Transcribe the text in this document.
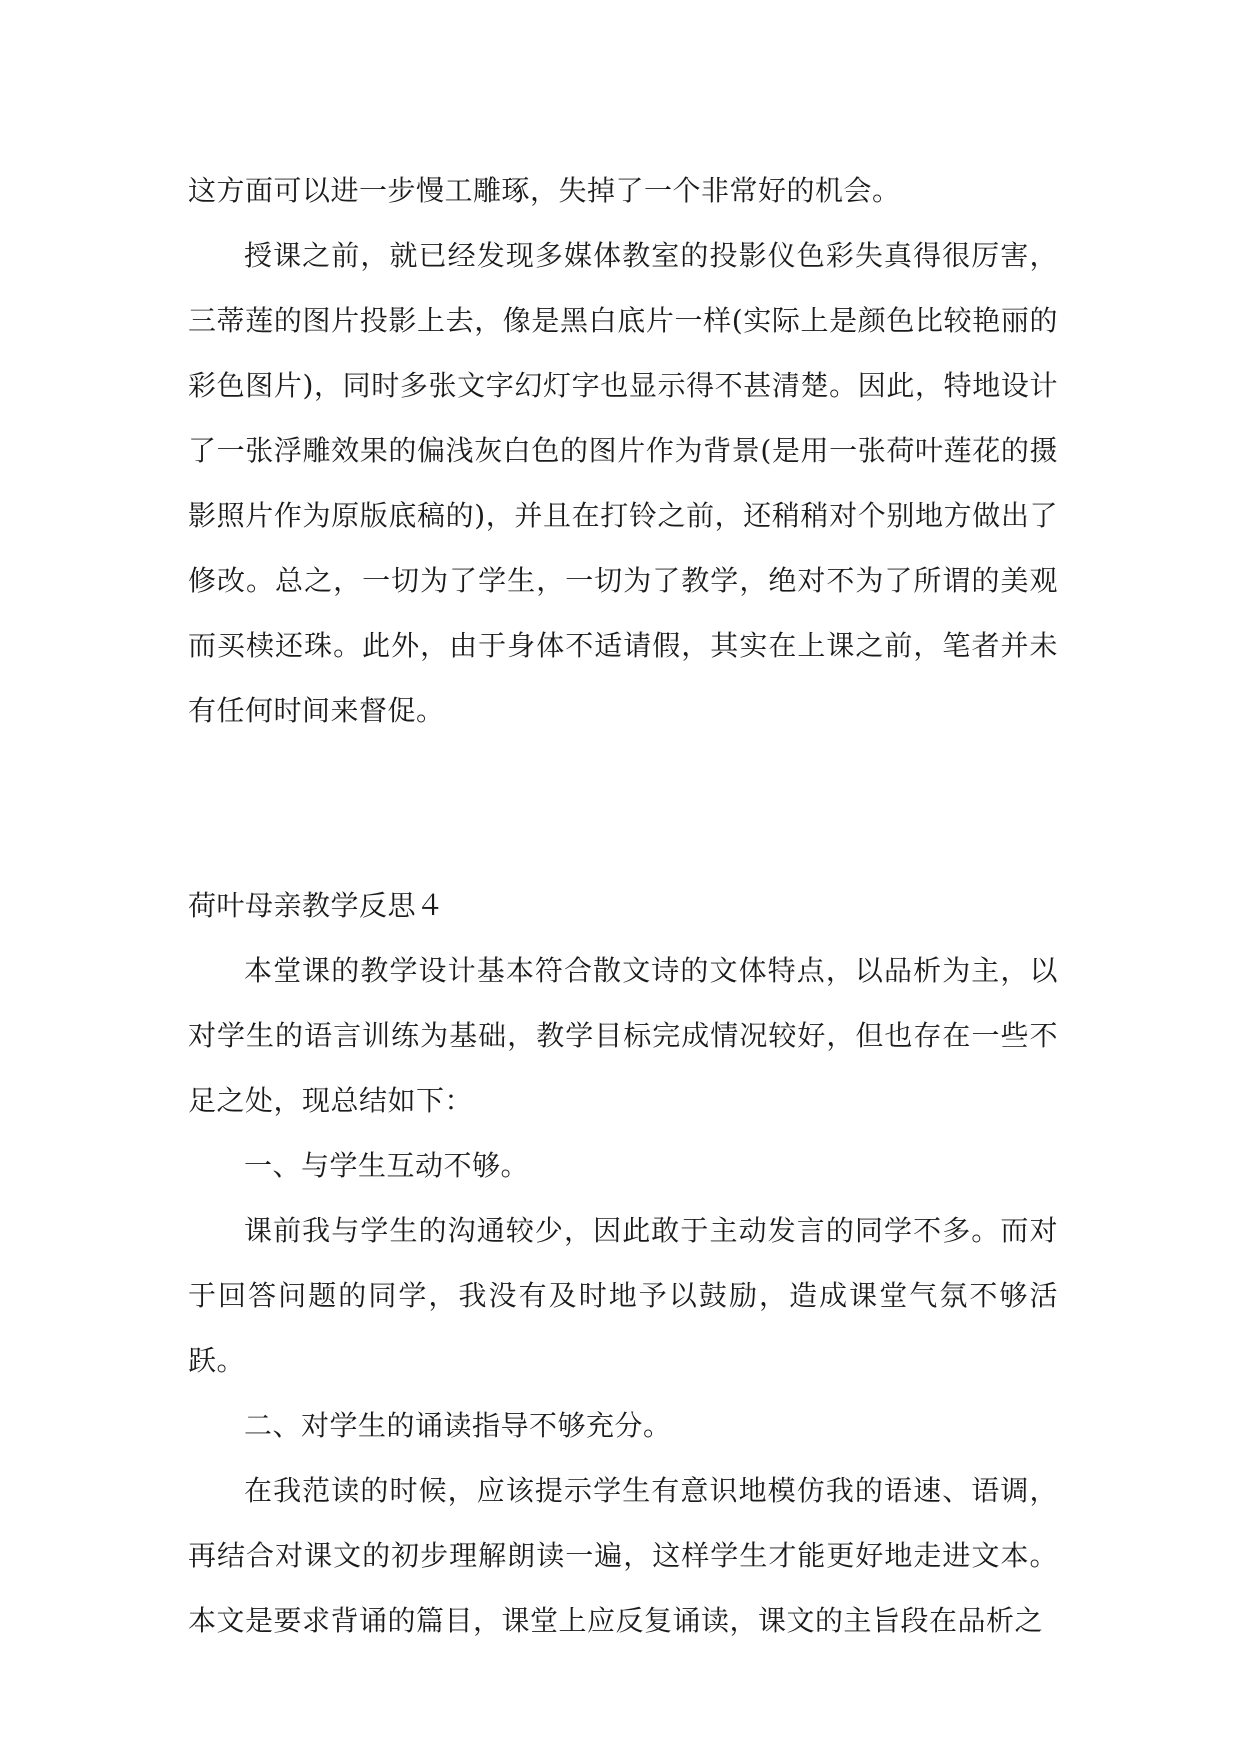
这方面可以进一步慢工雕琢，失掉了一个非常好的机会。

授课之前，就已经发现多媒体教室的投影仪色彩失真得很厉害，三蒂莲的图片投影上去，像是黑白底片一样(实际上是颜色比较艳丽的彩色图片)，同时多张文字幻灯字也显示得不甚清楚。因此，特地设计了一张浮雕效果的偏浅灰白色的图片作为背景(是用一张荷叶莲花的摄影照片作为原版底稿的)，并且在打铃之前，还稍稍对个别地方做出了修改。总之，一切为了学生，一切为了教学，绝对不为了所谓的美观而买椟还珠。此外，由于身体不适请假，其实在上课之前，笔者并未有任何时间来督促。

荷叶母亲教学反思４

本堂课的教学设计基本符合散文诗的文体特点，以品析为主，以对学生的语言训练为基础，教学目标完成情况较好，但也存在一些不足之处，现总结如下：

一、与学生互动不够。

课前我与学生的沟通较少，因此敢于主动发言的同学不多。而对于回答问题的同学，我没有及时地予以鼓励，造成课堂气氛不够活跃。

二、对学生的诵读指导不够充分。

在我范读的时候，应该提示学生有意识地模仿我的语速、语调，再结合对课文的初步理解朗读一遍，这样学生才能更好地走进文本。本文是要求背诵的篇目，课堂上应反复诵读，课文的主旨段在品析之
